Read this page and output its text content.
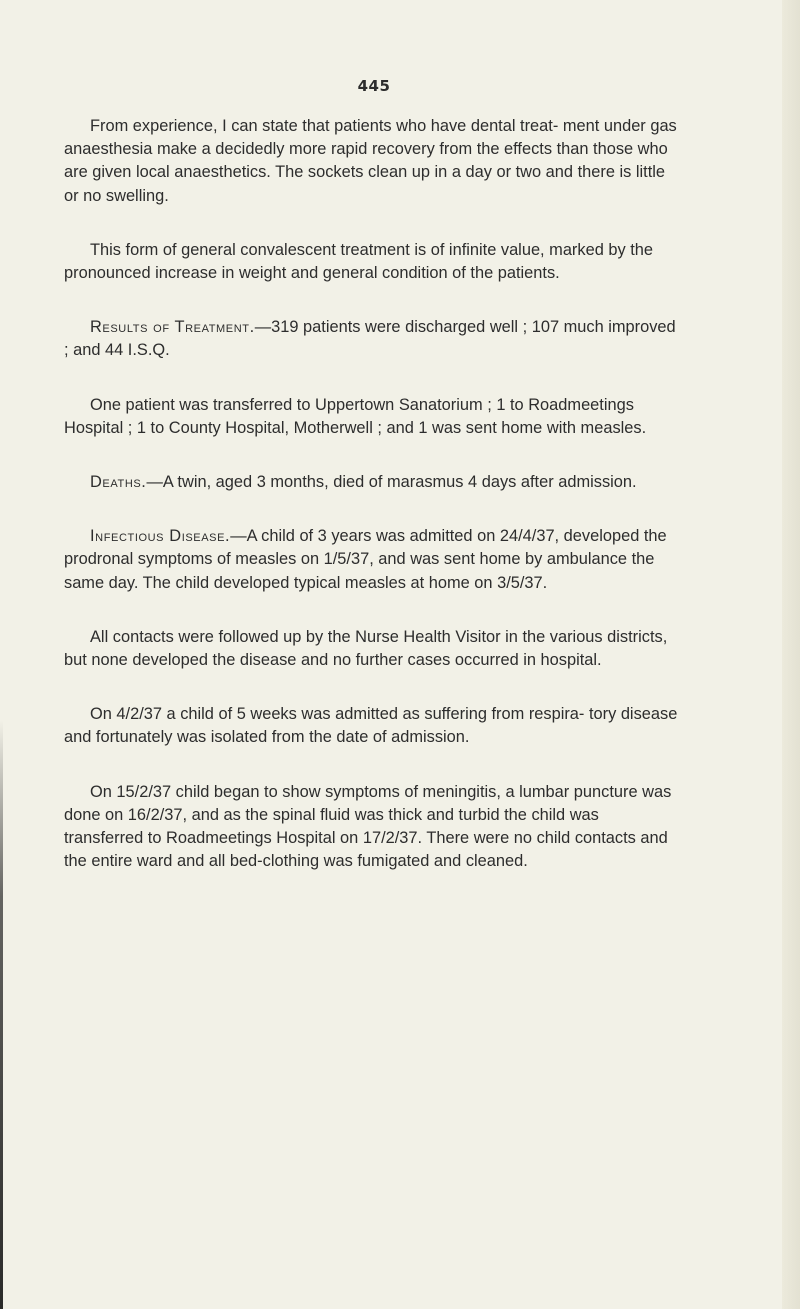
445

From experience, I can state that patients who have dental treat- ment under gas anaesthesia make a decidedly more rapid recovery from the effects than those who are given local anaesthetics. The sockets clean up in a day or two and there is little or no swelling.

This form of general convalescent treatment is of infinite value, marked by the pronounced increase in weight and general condition of the patients.

Results of Treatment.—319 patients were discharged well ; 107 much improved ; and 44 I.S.Q.

One patient was transferred to Uppertown Sanatorium ; 1 to Roadmeetings Hospital ; 1 to County Hospital, Motherwell ; and 1 was sent home with measles.

Deaths.—A twin, aged 3 months, died of marasmus 4 days after admission.

Infectious Disease.—A child of 3 years was admitted on 24/4/37, developed the prodronal symptoms of measles on 1/5/37, and was sent home by ambulance the same day. The child developed typical measles at home on 3/5/37.

All contacts were followed up by the Nurse Health Visitor in the various districts, but none developed the disease and no further cases occurred in hospital.

On 4/2/37 a child of 5 weeks was admitted as suffering from respira- tory disease and fortunately was isolated from the date of admission.

On 15/2/37 child began to show symptoms of meningitis, a lumbar puncture was done on 16/2/37, and as the spinal fluid was thick and turbid the child was transferred to Roadmeetings Hospital on 17/2/37. There were no child contacts and the entire ward and all bed-clothing was fumigated and cleaned.
